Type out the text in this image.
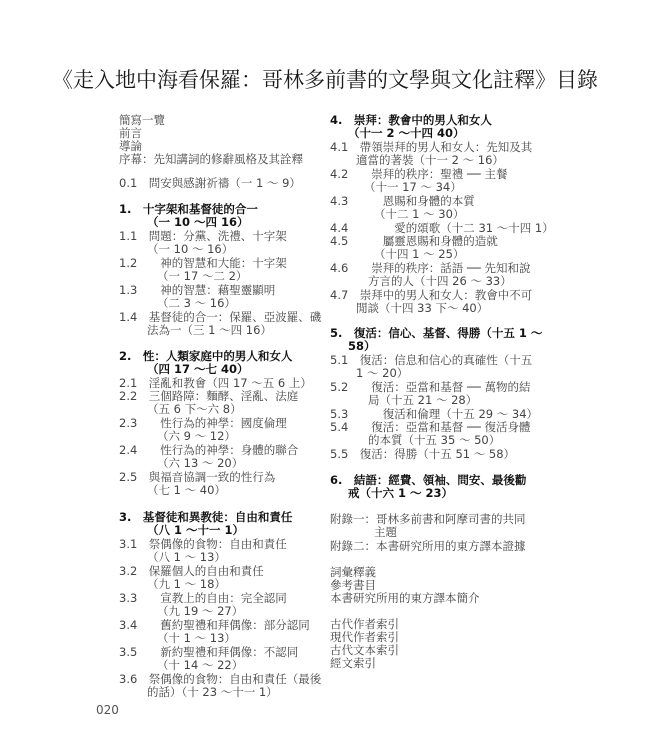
《走入地中海看保羅：哥林多前書的文學與文化註釋》目錄
簡寫一覽
前言
導論
序幕：先知講詞的修辭風格及其詮釋
0.1　問安與感謝祈禱（一 1 ～ 9）
1.　十字架和基督徒的合一
（一 10 ～四 16）
1.1　問題：分黨、洗禮、十字架
（一 10 ～ 16）
1.2　　神的智慧和大能：十字架
（一 17 ～二 2）
1.3　　神的智慧：藉聖靈顯明
（二 3 ～ 16）
1.4　基督徒的合一：保羅、亞波羅、磯
法為一（三 1 ～四 16）
2.　性：人類家庭中的男人和女人
（四 17 ～七 40）
2.1　淫亂和教會（四 17 ～五 6 上）
2.2　三個路障：麵酵、淫亂、法庭
（五 6 下～六 8）
2.3　　性行為的神學：國度倫理
（六 9 ～ 12）
2.4　　性行為的神學：身體的聯合
（六 13 ～ 20）
2.5　與福音協調一致的性行為
（七 1 ～ 40）
3.　基督徒和異教徒：自由和責任
（八 1 ～十一 1）
3.1　祭偶像的食物：自由和責任
（八 1 ～ 13）
3.2　保羅個人的自由和責任
（九 1 ～ 18）
3.3　　宣教上的自由：完全認同
（九 19 ～ 27）
3.4　　舊約聖禮和拜偶像：部分認同
（十 1 ～ 13）
3.5　　新約聖禮和拜偶像：不認同
（十 14 ～ 22）
3.6　祭偶像的食物：自由和責任（最後
的話）（十 23 ～十一 1）
4.　崇拜：教會中的男人和女人
（十一 2 ～十四 40）
4.1　帶領崇拜的男人和女人：先知及其
適當的著裝（十一 2 ～ 16）
4.2　　崇拜的秩序：聖禮 ── 主餐
（十一 17 ～ 34）
4.3　　　恩賜和身體的本質
（十二 1 ～ 30）
4.4　　　　愛的頌歌（十二 31 ～十四 1）
4.5　　　屬靈恩賜和身體的造就
（十四 1 ～ 25）
4.6　　崇拜的秩序：話語 ── 先知和說
方言的人（十四 26 ～ 33）
4.7　崇拜中的男人和女人：教會中不可
閒談（十四 33 下～ 40）
5.　復活：信心、基督、得勝（十五 1 ～
58）
5.1　復活：信息和信心的真確性（十五
1 ～ 20）
5.2　　復活：亞當和基督 ── 萬物的結
局（十五 21 ～ 28）
5.3　　　復活和倫理（十五 29 ～ 34）
5.4　　復活：亞當和基督 ── 復活身體
的本質（十五 35 ～ 50）
5.5　復活：得勝（十五 51 ～ 58）
6.　結語：經費、領袖、問安、最後勸
戒（十六 1 ～ 23）
附錄一：哥林多前書和阿摩司書的共同
主題
附錄二：本書研究所用的東方譯本證據
詞彙釋義
參考書目
本書研究所用的東方譯本簡介
古代作者索引
現代作者索引
古代文本索引
經文索引
020
